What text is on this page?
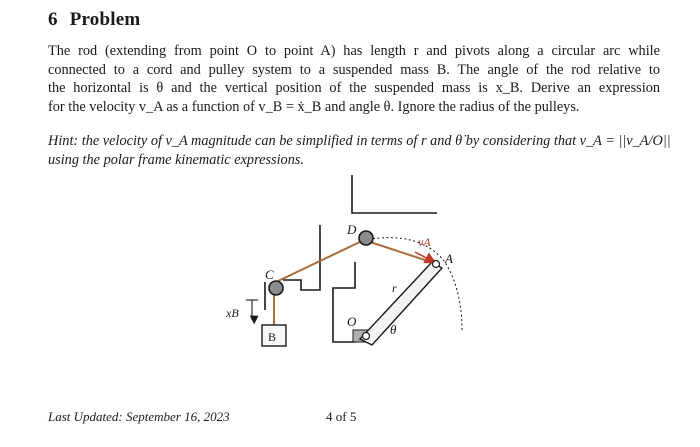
6 Problem
The rod (extending from point O to point A) has length r and pivots along a circular arc while
connected to a cord and pulley system to a suspended mass B. The angle of the rod relative to
the horizontal is θ and the vertical position of the suspended mass is x_B. Derive an expression
for the velocity v_A as a function of v_B = ẋ_B and angle θ. Ignore the radius of the pulleys.
Hint: the velocity of v_A magnitude can be simplified in terms of r and θ̇ by considering that v_A = ||v_A/O||
using the polar frame kinematic expressions.
D
vA
A
C
r
xB
O
θ
B
Last Updated: September 16, 2023	4 of 5
